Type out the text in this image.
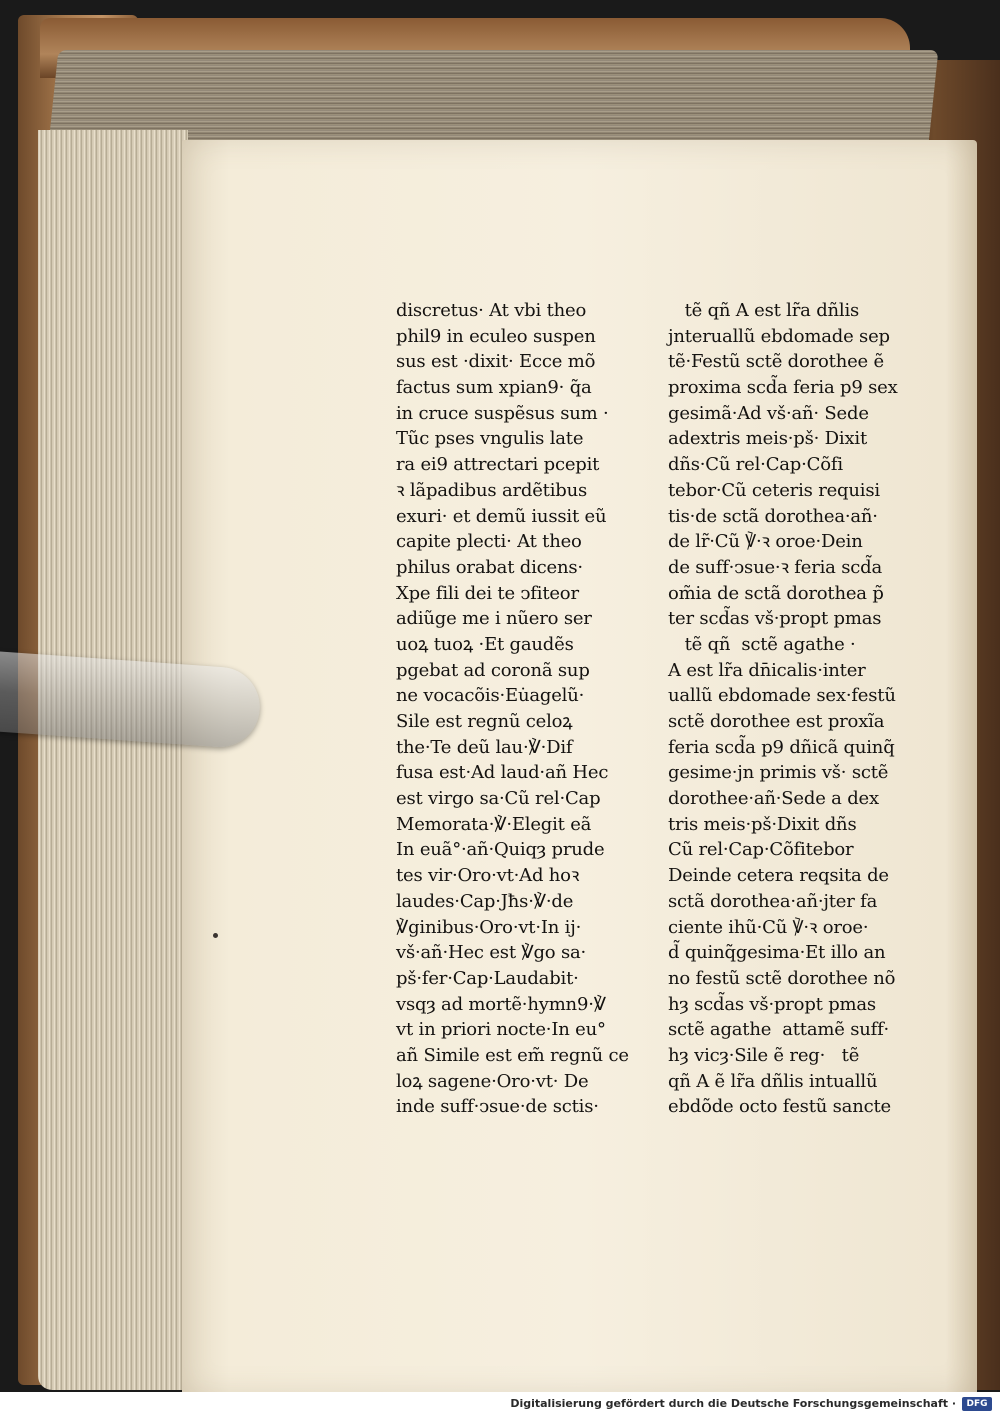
discretus· At vbi theo
phil9 in eculeo suspen
sus est ·dixit· Ecce mõ
factus sum xpian9· q̃a
in cruce suspẽsus sum ·
Tũc pses vngulis late
ra ei9 attrectari pcepit
ꝛ lãpadibus ardẽtibus
exuri· et demũ iussit eũ
capite plecti· At theo
philus orabat dicens·
Xpe fili dei te ↄfiteor
adiũge me i nũero ser
uoꝝ tuoꝝ ·Et gaudẽs
pgebat ad coronã sup
ne vocacõis·Eu̇agelũ·
Sile est regnũ celoꝝ
the·Te deũ lau·℣·Dif
fusa est·Ad laud·añ Hec
est virgo sa·Cũ rel·Cap
Memorata·℣·Elegit eã
In euã°·añ·Quiqȝ prude
tes vir·Oro·vt·Ad hoꝛ
laudes·Cap·Jħs·℣·de
℣ginibus·Oro·vt·In ij·
vš·añ·Hec est ℣go sa·
pš·fer·Cap·Laudabit·
vsqȝ ad mortẽ·hymn9·℣
vt in priori nocte·In eu°
añ Simile est em̃ regnũ ce
loꝝ sagene·Oro·vt· De
inde suff·ↄsue·de sctis·
tẽ qñ A est lr̃a dñlis
jnteruallũ ebdomade sep
tẽ·Festũ sctẽ dorothee ẽ
proxima scd̃a feria p9 sex
gesimã·Ad vš·añ· Sede
adextris meis·pš· Dixit
dñs·Cũ rel·Cap·Cõfi
tebor·Cũ ceteris requisi
tis·de sctã dorothea·añ·
de lr̃·Cũ ℣·ꝛ oroe·Dein
de suff·ↄsue·ꝛ feria scd̃a
om̃ia de sctã dorothea p̃
ter scd̃as vš·propt pmas
tẽ qñ  sctẽ agathe ·
A est lr̃a dn̄icalis·inter
uallũ ebdomade sex·festũ
sctẽ dorothee est proxĩa
feria scd̃a p9 dñicã quinq̃
gesime·jn primis vš· sctẽ
dorothee·añ·Sede a dex
tris meis·pš·Dixit dñs
Cũ rel·Cap·Cõfitebor
Deinde cetera reqsita de
sctã dorothea·añ·jter fa
ciente ihũ·Cũ ℣·ꝛ oroe·
d̃ quinq̃gesima·Et illo an
no festũ sctẽ dorothee nõ
hȝ scd̃as vš·propt pmas
sctẽ agathe  attamẽ suff·
hȝ vicȝ·Sile ẽ reg·   tẽ
qñ A ẽ lr̃a dñlis intuallũ
ebdõde octo festũ sancte
Digitalisierung gefördert durch die Deutsche Forschungsgemeinschaft ·	DFG
